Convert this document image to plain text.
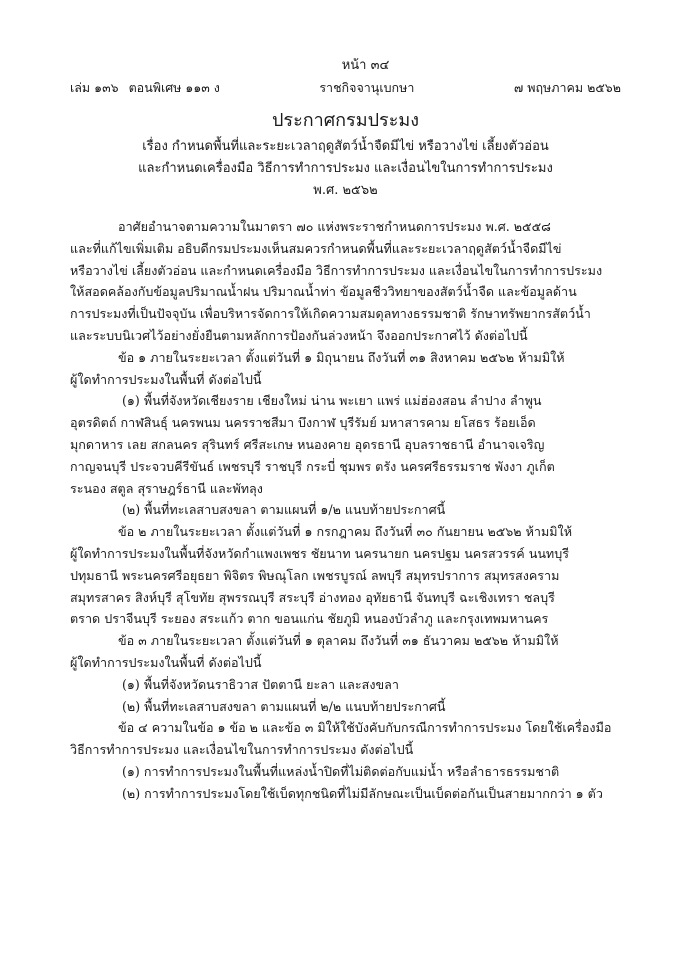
หน้า ๓๔
เล่ม ๑๓๖ ตอนพิเศษ ๑๑๓ ง	ราชกิจจานุเบกษา	๗ พฤษภาคม ๒๕๖๒
ประกาศกรมประมง
เรื่อง กำหนดพื้นที่และระยะเวลาฤดูสัตว์น้ำจืดมีไข่ หรือวางไข่ เลี้ยงตัวอ่อน
และกำหนดเครื่องมือ วิธีการทำการประมง และเงื่อนไขในการทำการประมง
พ.ศ. ๒๕๖๒

อาศัยอำนาจตามความในมาตรา ๗๐ แห่งพระราชกำหนดการประมง พ.ศ. ๒๕๕๘

และที่แก้ไขเพิ่มเติม อธิบดีกรมประมงเห็นสมควรกำหนดพื้นที่และระยะเวลาฤดูสัตว์น้ำจืดมีไข่

หรือวางไข่ เลี้ยงตัวอ่อน และกำหนดเครื่องมือ วิธีการทำการประมง และเงื่อนไขในการทำการประมง

ให้สอดคล้องกับข้อมูลปริมาณน้ำฝน ปริมาณน้ำท่า ข้อมูลชีววิทยาของสัตว์น้ำจืด และข้อมูลด้าน

การประมงที่เป็นปัจจุบัน เพื่อบริหารจัดการให้เกิดความสมดุลทางธรรมชาติ รักษาทรัพยากรสัตว์น้ำ

และระบบนิเวศไว้อย่างยั่งยืนตามหลักการป้องกันล่วงหน้า จึงออกประกาศไว้ ดังต่อไปนี้

ข้อ ๑ ภายในระยะเวลา ตั้งแต่วันที่ ๑ มิถุนายน ถึงวันที่ ๓๑ สิงหาคม ๒๕๖๒ ห้ามมิให้

ผู้ใดทำการประมงในพื้นที่ ดังต่อไปนี้

(๑) พื้นที่จังหวัดเชียงราย เชียงใหม่ น่าน พะเยา แพร่ แม่ฮ่องสอน ลำปาง ลำพูน

อุตรดิตถ์ กาฬสินธุ์ นครพนม นครราชสีมา บึงกาฬ บุรีรัมย์ มหาสารคาม ยโสธร ร้อยเอ็ด

มุกดาหาร เลย สกลนคร สุรินทร์ ศรีสะเกษ หนองคาย อุดรธานี อุบลราชธานี อำนาจเจริญ

กาญจนบุรี ประจวบคีรีขันธ์ เพชรบุรี ราชบุรี กระบี่ ชุมพร ตรัง นครศรีธรรมราช พังงา ภูเก็ต

ระนอง สตูล สุราษฎร์ธานี และพัทลุง

(๒) พื้นที่ทะเลสาบสงขลา ตามแผนที่ ๑/๒ แนบท้ายประกาศนี้

ข้อ ๒ ภายในระยะเวลา ตั้งแต่วันที่ ๑ กรกฎาคม ถึงวันที่ ๓๐ กันยายน ๒๕๖๒ ห้ามมิให้

ผู้ใดทำการประมงในพื้นที่จังหวัดกำแพงเพชร ชัยนาท นครนายก นครปฐม นครสวรรค์ นนทบุรี

ปทุมธานี พระนครศรีอยุธยา พิจิตร พิษณุโลก เพชรบูรณ์ ลพบุรี สมุทรปราการ สมุทรสงคราม

สมุทรสาคร สิงห์บุรี สุโขทัย สุพรรณบุรี สระบุรี อ่างทอง อุทัยธานี จันทบุรี ฉะเชิงเทรา ชลบุรี

ตราด ปราจีนบุรี ระยอง สระแก้ว ตาก ขอนแก่น ชัยภูมิ หนองบัวลำภู และกรุงเทพมหานคร

ข้อ ๓ ภายในระยะเวลา ตั้งแต่วันที่ ๑ ตุลาคม ถึงวันที่ ๓๑ ธันวาคม ๒๕๖๒ ห้ามมิให้

ผู้ใดทำการประมงในพื้นที่ ดังต่อไปนี้

(๑) พื้นที่จังหวัดนราธิวาส ปัตตานี ยะลา และสงขลา

(๒) พื้นที่ทะเลสาบสงขลา ตามแผนที่ ๒/๒ แนบท้ายประกาศนี้

ข้อ ๔ ความในข้อ ๑ ข้อ ๒ และข้อ ๓ มิให้ใช้บังคับกับกรณีการทำการประมง โดยใช้เครื่องมือ

วิธีการทำการประมง และเงื่อนไขในการทำการประมง ดังต่อไปนี้

(๑) การทำการประมงในพื้นที่แหล่งน้ำปิดที่ไม่ติดต่อกับแม่น้ำ หรือลำธารธรรมชาติ

(๒) การทำการประมงโดยใช้เบ็ดทุกชนิดที่ไม่มีลักษณะเป็นเบ็ดต่อกันเป็นสายมากกว่า ๑ ตัว
